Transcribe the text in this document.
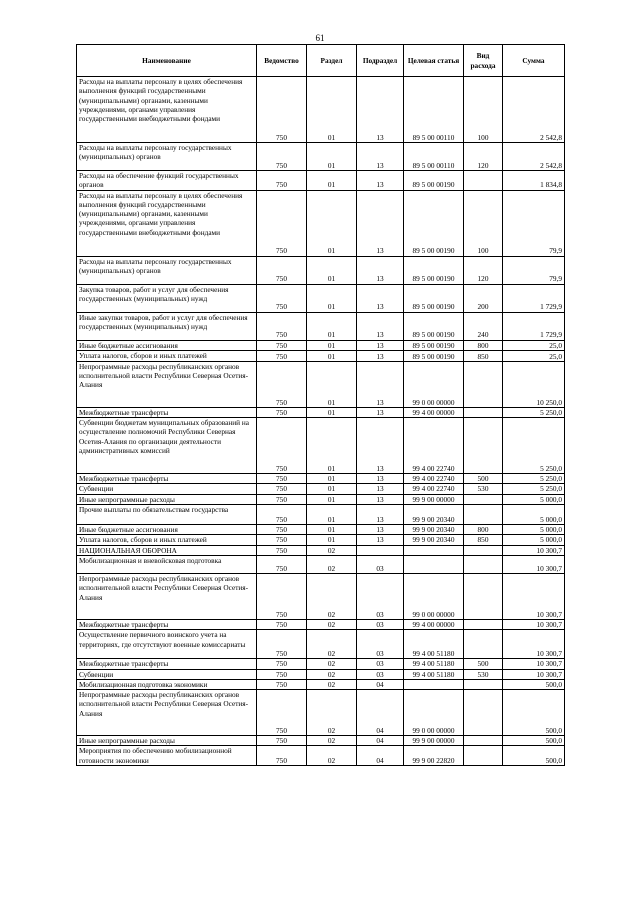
61
Наименование	Ведомство	Раздел	Подраздел	Целевая статья	Вид расхода	Сумма
Расходы на выплаты персоналу в целях обеспечения выполнения функций государственными (муниципальными) органами, казенными учреждениями, органами управления государственными внебюджетными фондами	750	01	13	89 5 00 00110	100	2 542,8
Расходы на выплаты персоналу государственных (муниципальных) органов	750	01	13	89 5 00 00110	120	2 542,8
Расходы на обеспечение функций государственных органов	750	01	13	89 5 00 00190		1 834,8
Расходы на выплаты персоналу в целях обеспечения выполнения функций государственными (муниципальными) органами, казенными учреждениями, органами управления государственными внебюджетными фондами	750	01	13	89 5 00 00190	100	79,9
Расходы на выплаты персоналу государственных (муниципальных) органов	750	01	13	89 5 00 00190	120	79,9
Закупка товаров, работ и услуг для обеспечения государственных (муниципальных) нужд	750	01	13	89 5 00 00190	200	1 729,9
Иные закупки товаров, работ и услуг для обеспечения государственных (муниципальных) нужд	750	01	13	89 5 00 00190	240	1 729,9
Иные бюджетные ассигнования	750	01	13	89 5 00 00190	800	25,0
Уплата налогов, сборов и иных платежей	750	01	13	89 5 00 00190	850	25,0
Непрограммные расходы республиканских органов исполнительной власти Республики Северная Осетия-Алания	750	01	13	99 0 00 00000		10 250,0
Межбюджетные трансферты	750	01	13	99 4 00 00000		5 250,0
Субвенции бюджетам муниципальных образований на осуществление полномочий Республики Северная Осетия-Алания по организации деятельности административных комиссий	750	01	13	99 4 00 22740		5 250,0
Межбюджетные трансферты	750	01	13	99 4 00 22740	500	5 250,0
Субвенции	750	01	13	99 4 00 22740	530	5 250,0
Иные непрограммные расходы	750	01	13	99 9 00 00000		5 000,0
Прочие выплаты по обязательствам государства	750	01	13	99 9 00 20340		5 000,0
Иные бюджетные ассигнования	750	01	13	99 9 00 20340	800	5 000,0
Уплата налогов, сборов и иных платежей	750	01	13	99 9 00 20340	850	5 000,0
НАЦИОНАЛЬНАЯ ОБОРОНА	750	02				10 300,7
Мобилизационная и вневойсковая подготовка	750	02	03			10 300,7
Непрограммные расходы республиканских органов исполнительной власти Республики Северная Осетия-Алания	750	02	03	99 0 00 00000		10 300,7
Межбюджетные трансферты	750	02	03	99 4 00 00000		10 300,7
Осуществление первичного воинского учета на территориях, где отсутствуют военные комиссариаты	750	02	03	99 4 00 51180		10 300,7
Межбюджетные трансферты	750	02	03	99 4 00 51180	500	10 300,7
Субвенции	750	02	03	99 4 00 51180	530	10 300,7
Мобилизационная подготовка экономики	750	02	04			500,0
Непрограммные расходы республиканских органов исполнительной власти Республики Северная Осетия-Алания	750	02	04	99 0 00 00000		500,0
Иные непрограммные расходы	750	02	04	99 9 00 00000		500,0
Мероприятия по обеспечению мобилизационной готовности экономики	750	02	04	99 9 00 22820		500,0
